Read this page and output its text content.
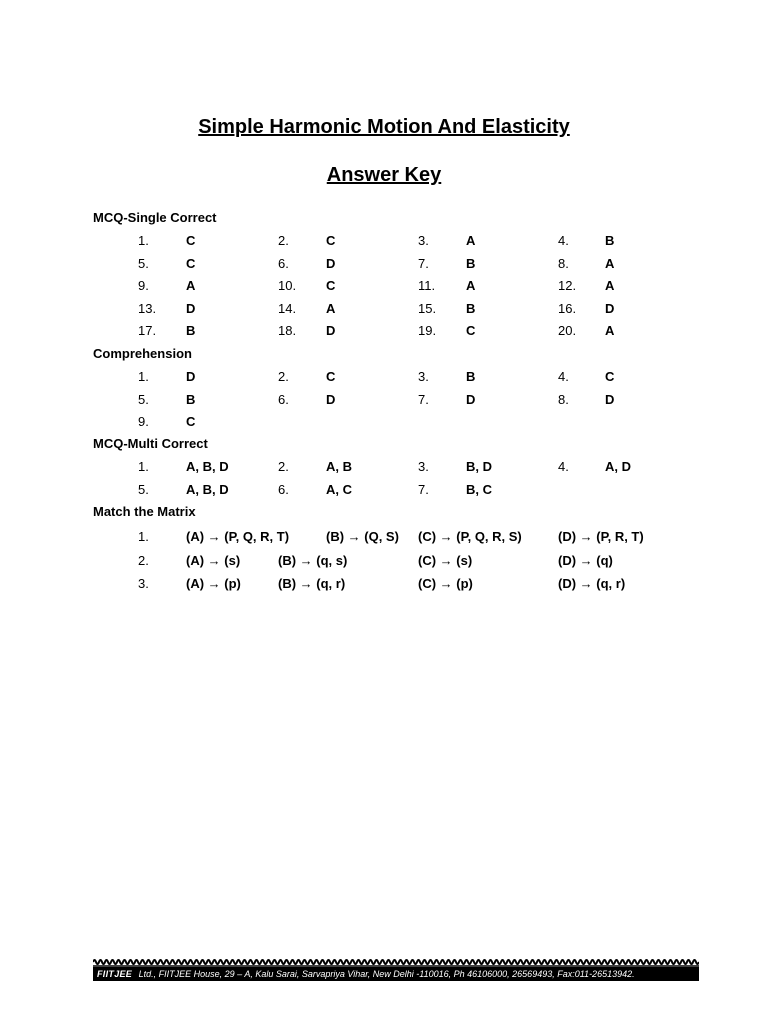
Simple Harmonic Motion And Elasticity
Answer Key
MCQ-Single Correct
1.	C	2.	C	3.	A	4.	B
5.	C	6.	D	7.	B	8.	A
9.	A	10. C	11. A	12. A
13. D	14. A	15. B	16. D
17. B	18. D	19. C	20. A
Comprehension
1.	D	2.	C	3.	B	4.	C
5.	B	6.	D	7.	D	8.	D
9.	C
MCQ-Multi Correct
1.	A, B, D	2.	A, B	3.	B, D	4.	A, D
5.	A, B, D	6.	A, C	7.	B, C
Match the Matrix
1.	(A) → (P, Q, R, T)	(B) → (Q, S) (C) → (P, Q, R, S)	(D) → (P, R, T)
2.	(A) → (s)	(B) → (q, s)	(C) → (s)	(D) → (q)
3.	(A) → (p)	(B) → (q, r)	(C) → (p)	(D) → (q, r)
FIITJEE Ltd., FIITJEE House, 29 – A, Kalu Sarai, Sarvapriya Vihar, New Delhi -110016, Ph 46106000, 26569493, Fax:011-26513942.
